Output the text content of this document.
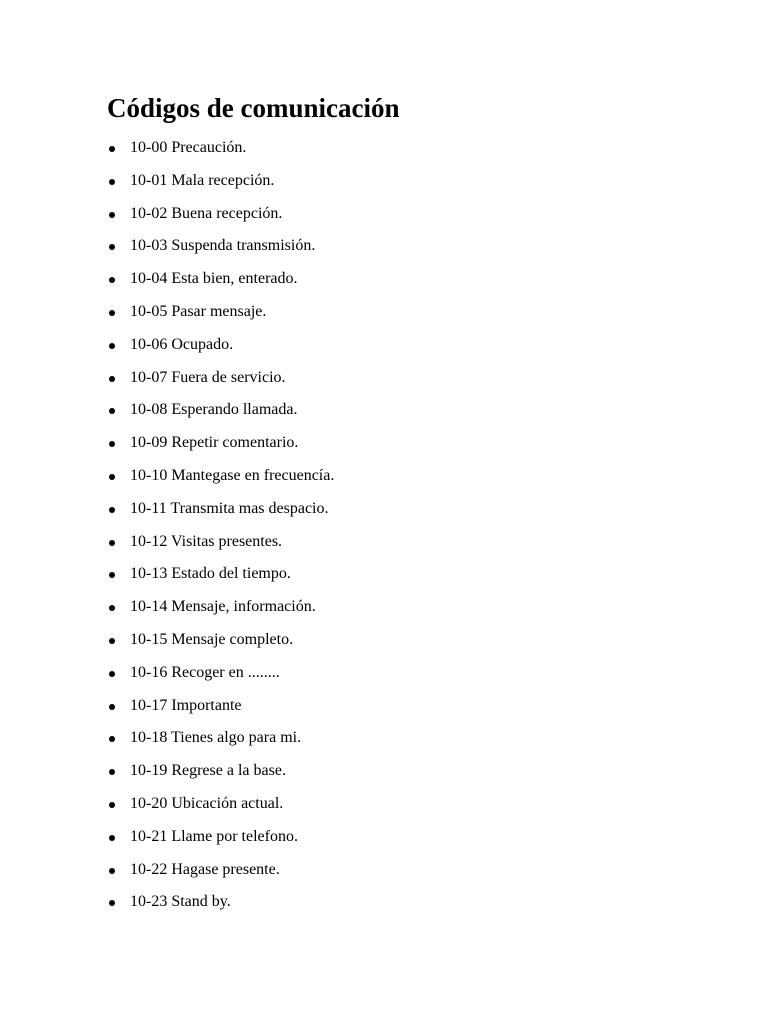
Códigos de comunicación
10-00 Precaución.
10-01 Mala recepción.
10-02 Buena recepción.
10-03 Suspenda transmisión.
10-04 Esta bien, enterado.
10-05 Pasar mensaje.
10-06 Ocupado.
10-07 Fuera de servicio.
10-08 Esperando llamada.
10-09 Repetir comentario.
10-10 Mantegase en frecuencía.
10-11 Transmita mas despacio.
10-12 Visitas presentes.
10-13 Estado del tiempo.
10-14 Mensaje, información.
10-15 Mensaje completo.
10-16 Recoger en ........
10-17 Importante
10-18 Tienes algo para mi.
10-19 Regrese a la base.
10-20 Ubicación actual.
10-21 Llame por telefono.
10-22 Hagase presente.
10-23 Stand by.
